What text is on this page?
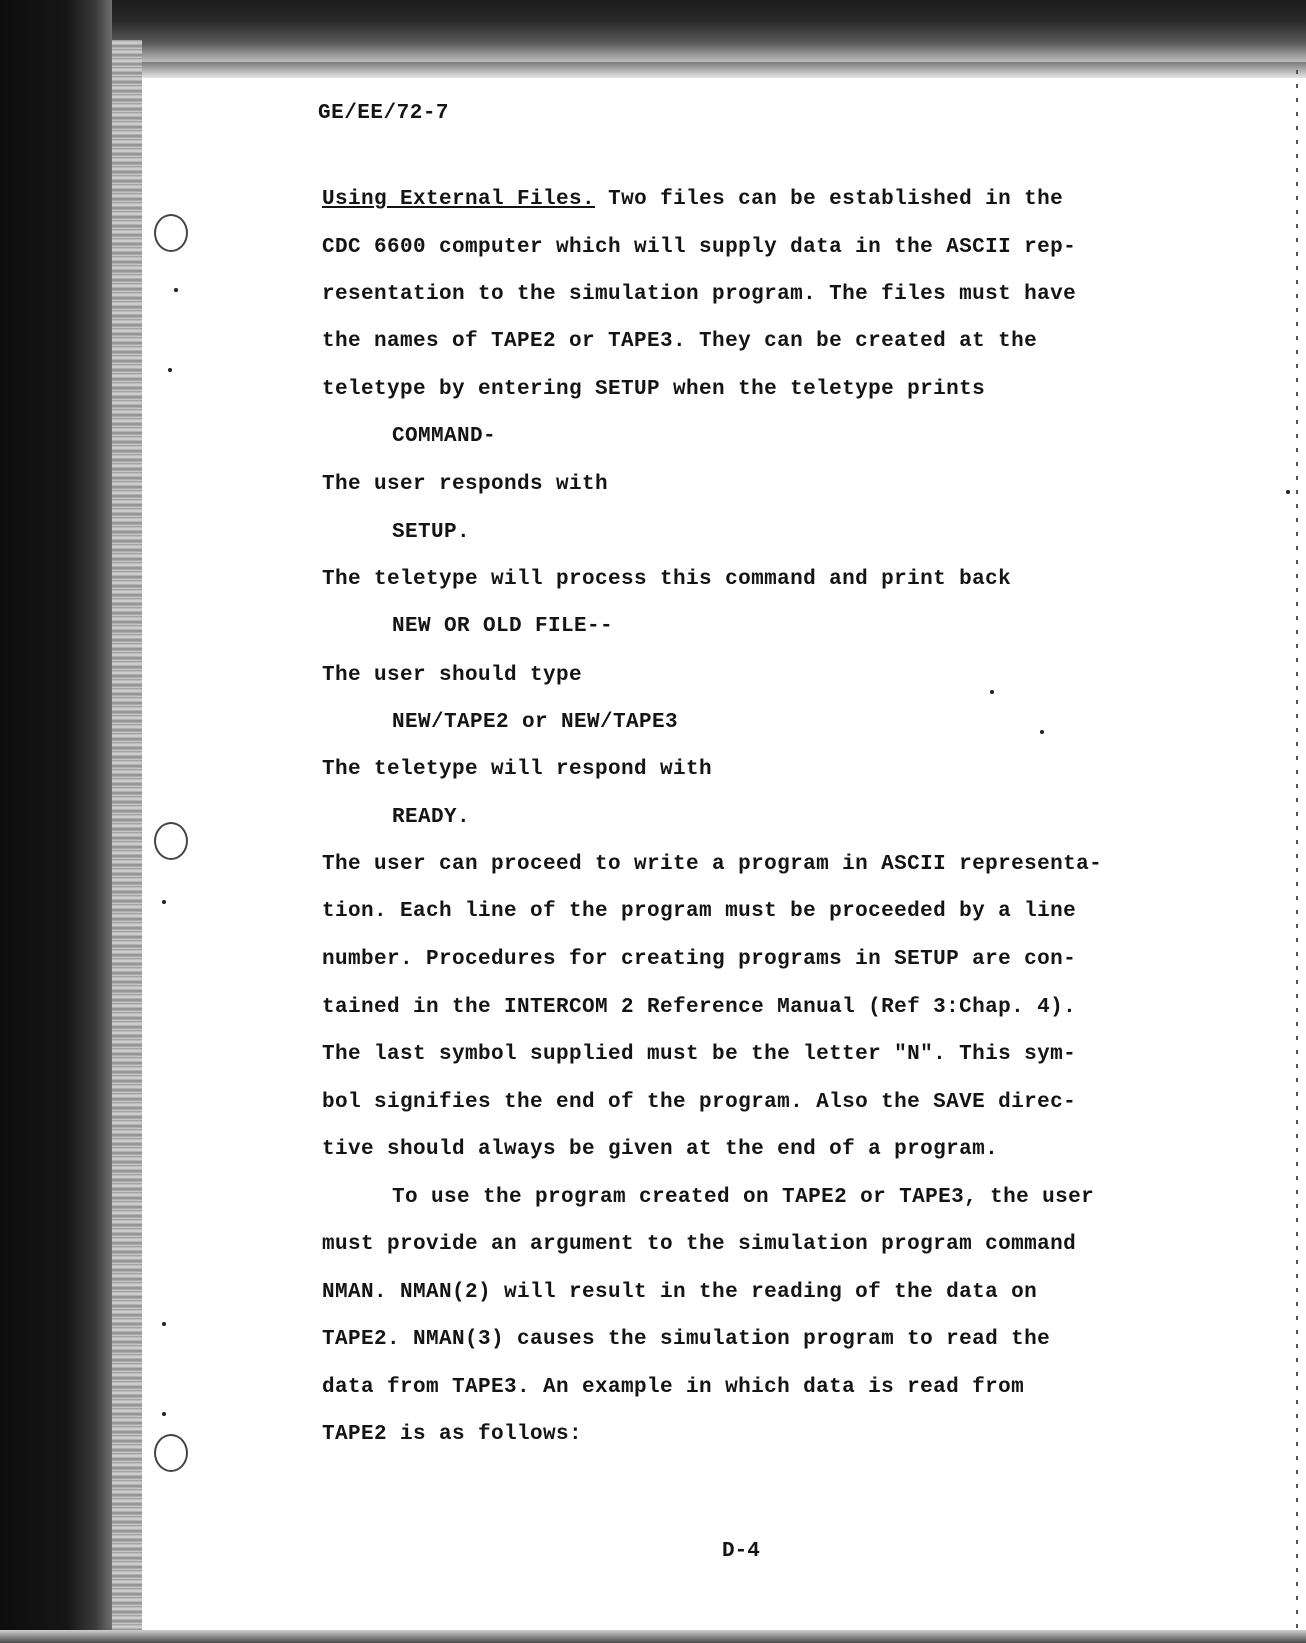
GE/EE/72-7
Using External Files. Two files can be established in the
CDC 6600 computer which will supply data in the ASCII rep-
resentation to the simulation program. The files must have
the names of TAPE2 or TAPE3. They can be created at the
teletype by entering SETUP when the teletype prints
COMMAND-
The user responds with
SETUP.
The teletype will process this command and print back
NEW OR OLD FILE--
The user should type
NEW/TAPE2 or NEW/TAPE3
The teletype will respond with
READY.
The user can proceed to write a program in ASCII representa-
tion. Each line of the program must be proceeded by a line
number. Procedures for creating programs in SETUP are con-
tained in the INTERCOM 2 Reference Manual (Ref 3:Chap. 4).
The last symbol supplied must be the letter "N". This sym-
bol signifies the end of the program. Also the SAVE direc-
tive should always be given at the end of a program.
To use the program created on TAPE2 or TAPE3, the user
must provide an argument to the simulation program command
NMAN. NMAN(2) will result in the reading of the data on
TAPE2. NMAN(3) causes the simulation program to read the
data from TAPE3. An example in which data is read from
TAPE2 is as follows:
D-4
